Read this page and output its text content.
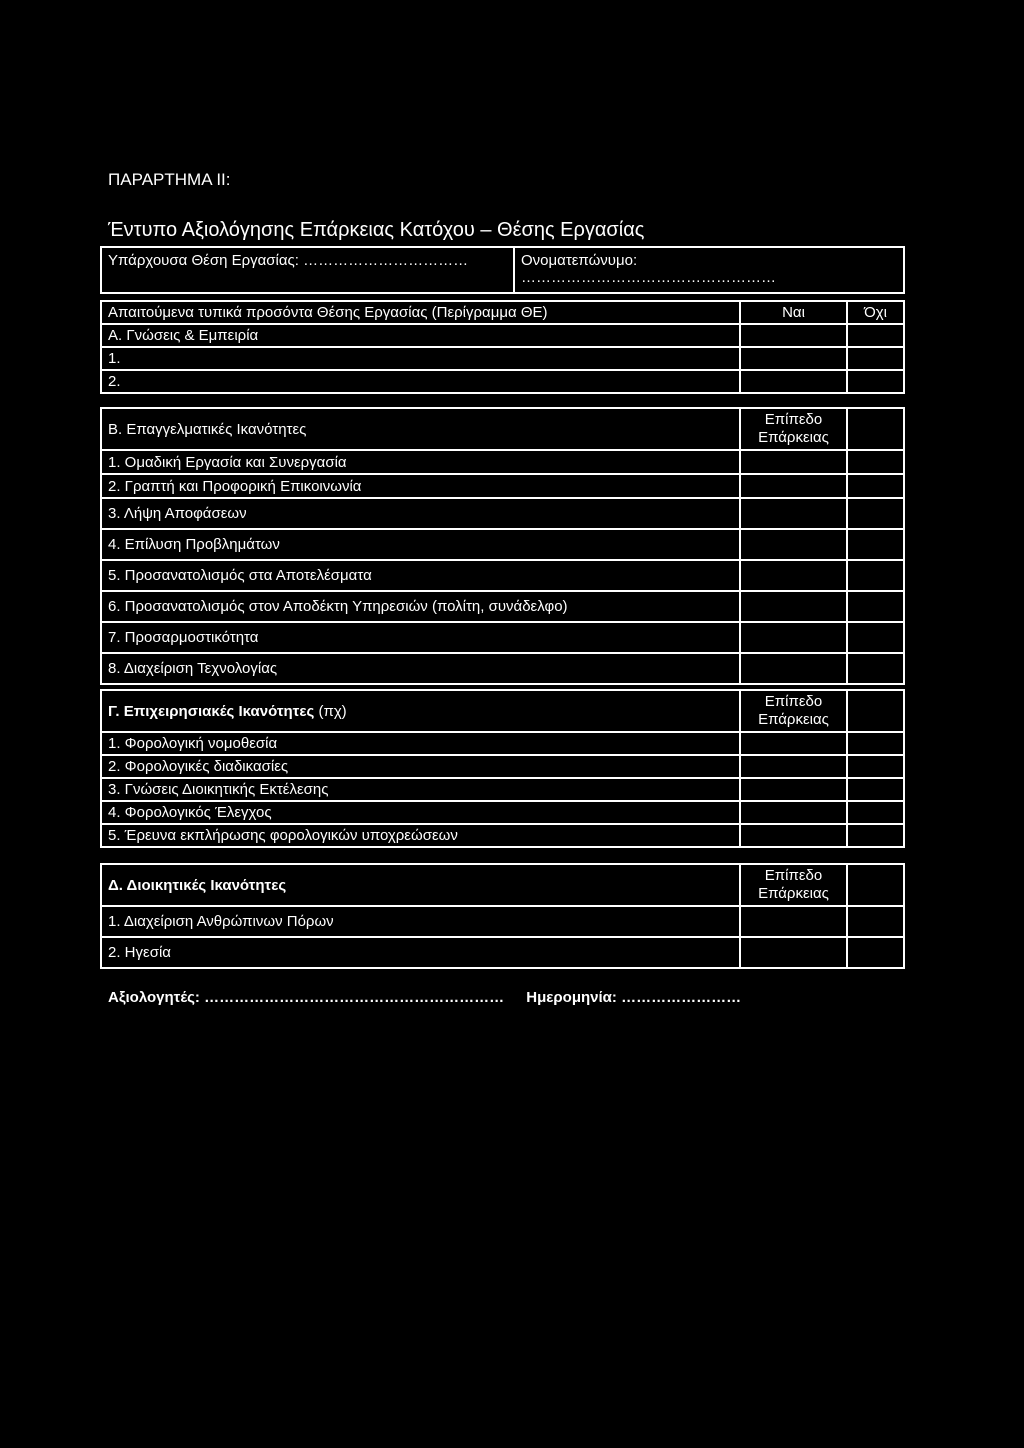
ΠΑΡΑΡΤΗΜΑ ΙΙ:
Έντυπο Αξιολόγησης Επάρκειας Κατόχου – Θέσης Εργασίας
Υπάρχουσα Θέση Εργασίας: ……………………………	Ονοματεπώνυμο:
……………………………………………
Απαιτούμενα τυπικά προσόντα Θέσης Εργασίας (Περίγραμμα ΘΕ)	Ναι	Όχι
Α. Γνώσεις & Εμπειρία		
1.		
2.		
Β. Επαγγελματικές Ικανότητες	Επίπεδο
Επάρκειας	
1. Ομαδική Εργασία και Συνεργασία		
2. Γραπτή και Προφορική Επικοινωνία		
3. Λήψη Αποφάσεων		
4. Επίλυση Προβλημάτων		
5. Προσανατολισμός στα Αποτελέσματα		
6. Προσανατολισμός στον Αποδέκτη Υπηρεσιών (πολίτη, συνάδελφο)		
7. Προσαρμοστικότητα		
8. Διαχείριση Τεχνολογίας		
Γ. Επιχειρησιακές Ικανότητες (πχ)	Επίπεδο
Επάρκειας	
1. Φορολογική νομοθεσία		
2. Φορολογικές διαδικασίες		
3. Γνώσεις Διοικητικής Εκτέλεσης		
4. Φορολογικός Έλεγχος		
5. Έρευνα εκπλήρωσης φορολογικών υποχρεώσεων		
Δ. Διοικητικές Ικανότητες	Επίπεδο
Επάρκειας	
1. Διαχείριση Ανθρώπινων Πόρων		
2. Ηγεσία		
Αξιολογητές: …………………………………………………… Ημερομηνία: ……………………
